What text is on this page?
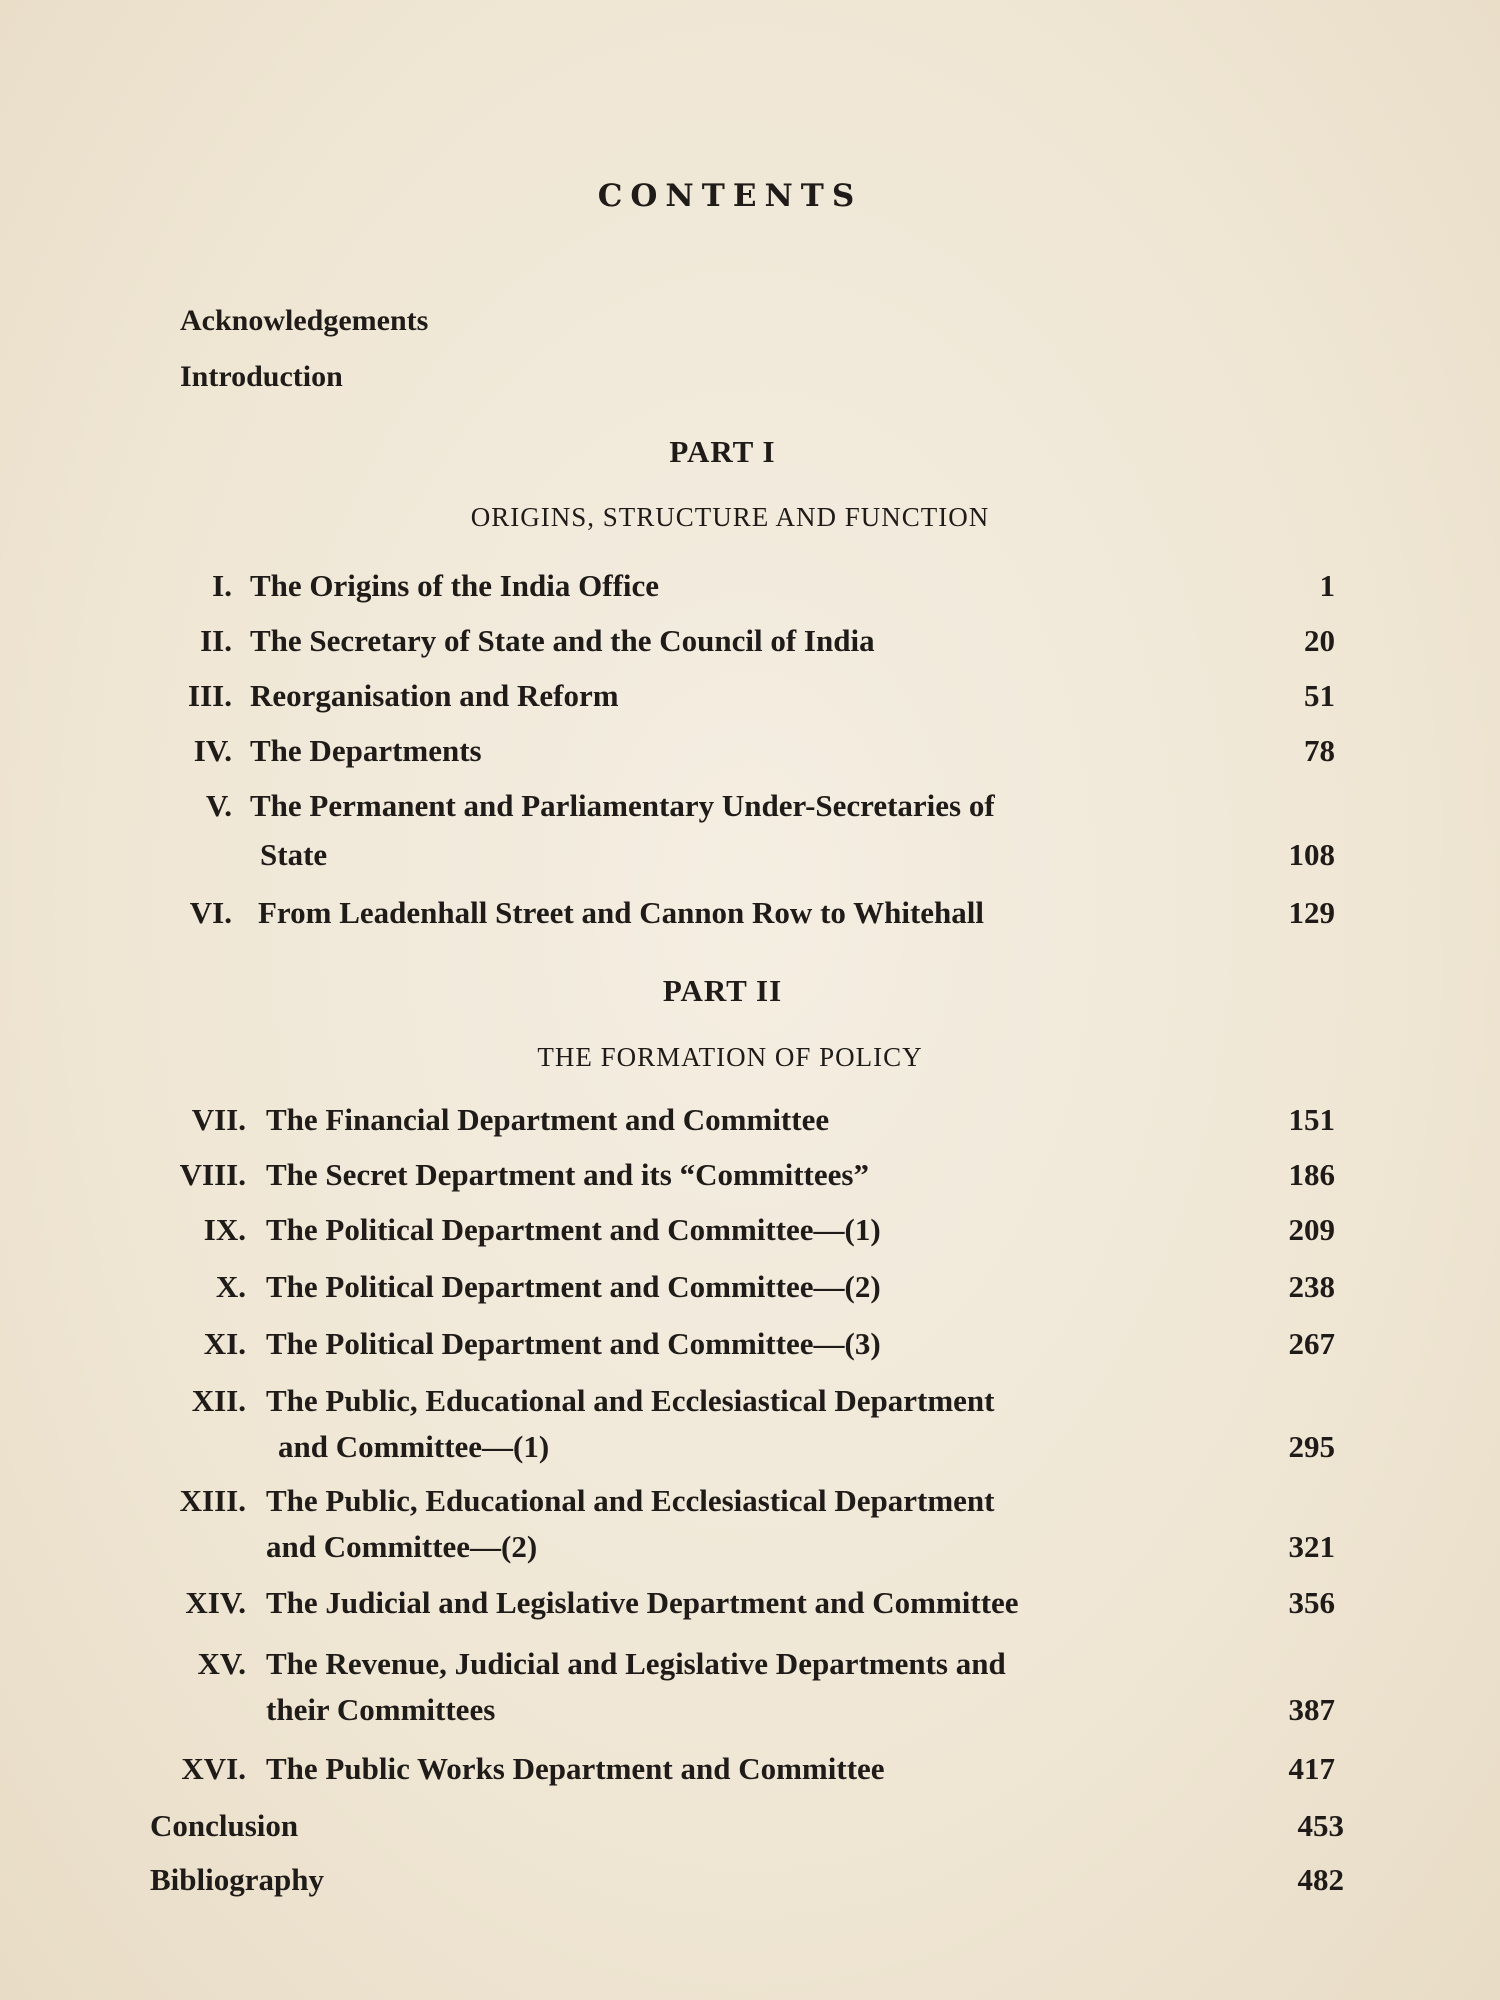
CONTENTS
Acknowledgements
Introduction
PART I
ORIGINS, STRUCTURE AND FUNCTION
I. The Origins of the India Office	1
II. The Secretary of State and the Council of India	20
III. Reorganisation and Reform	51
IV. The Departments	78
V. The Permanent and Parliamentary Under-Secretaries of
State	108
VI. From Leadenhall Street and Cannon Row to Whitehall	129
PART II
THE FORMATION OF POLICY
VII. The Financial Department and Committee	151
VIII. The Secret Department and its “Committees”	186
IX. The Political Department and Committee—(1)	209
X. The Political Department and Committee—(2)	238
XI. The Political Department and Committee—(3)	267
XII. The Public, Educational and Ecclesiastical Department
and Committee—(1)	295
XIII. The Public, Educational and Ecclesiastical Department
and Committee—(2)	321
XIV. The Judicial and Legislative Department and Committee	356
XV. The Revenue, Judicial and Legislative Departments and
their Committees	387
XVI. The Public Works Department and Committee	417
Conclusion	453
Bibliography	482
